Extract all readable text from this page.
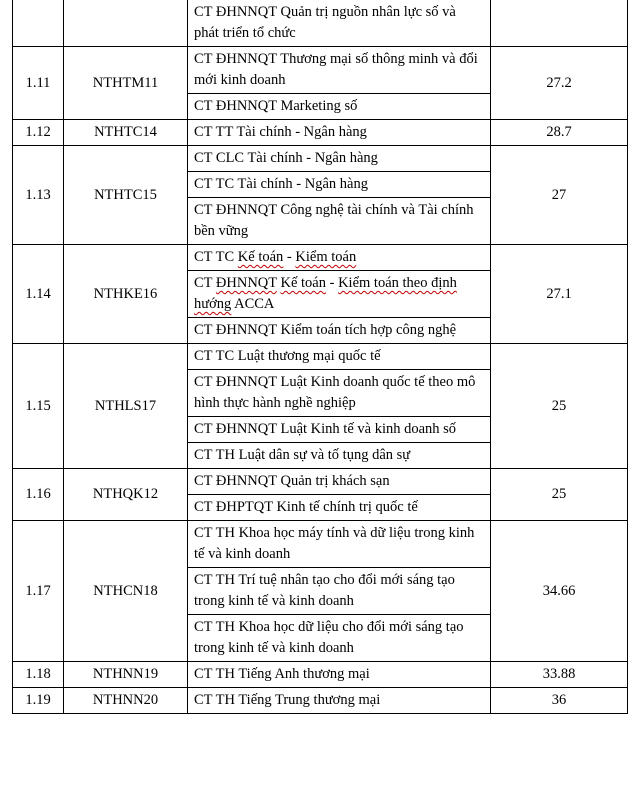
		CT ĐHNNQT Quản trị nguồn nhân lực số và phát triển tổ chức	
1.11	NTHTM11	CT ĐHNNQT Thương mại số thông minh và đổi mới kinh doanh	27.2
		CT ĐHNNQT Marketing số	
1.12	NTHTC14	CT TT Tài chính - Ngân hàng	28.7
1.13	NTHTC15	CT CLC Tài chính - Ngân hàng	27
		CT TC Tài chính - Ngân hàng	
		CT ĐHNNQT Công nghệ tài chính và Tài chính bền vững	
1.14	NTHKE16	CT TC Kế toán - Kiểm toán	27.1
		CT ĐHNNQT Kế toán - Kiểm toán theo định hướng ACCA	
		CT ĐHNNQT Kiểm toán tích hợp công nghệ	
1.15	NTHLS17	CT TC Luật thương mại quốc tế	25
		CT ĐHNNQT Luật Kinh doanh quốc tế theo mô hình thực hành nghề nghiệp	
		CT ĐHNNQT Luật Kinh tế và kinh doanh số	
		CT TH Luật dân sự và tố tụng dân sự	
1.16	NTHQK12	CT ĐHNNQT Quản trị khách sạn	25
		CT ĐHPTQT Kinh tế chính trị quốc tế	
1.17	NTHCN18	CT TH Khoa học máy tính và dữ liệu trong kinh tế và kinh doanh	34.66
		CT TH Trí tuệ nhân tạo cho đổi mới sáng tạo trong kinh tế và kinh doanh	
		CT TH Khoa học dữ liệu cho đổi mới sáng tạo trong kinh tế và kinh doanh	
1.18	NTHNN19	CT TH Tiếng Anh thương mại	33.88
1.19	NTHNN20	CT TH Tiếng Trung thương mại	36
